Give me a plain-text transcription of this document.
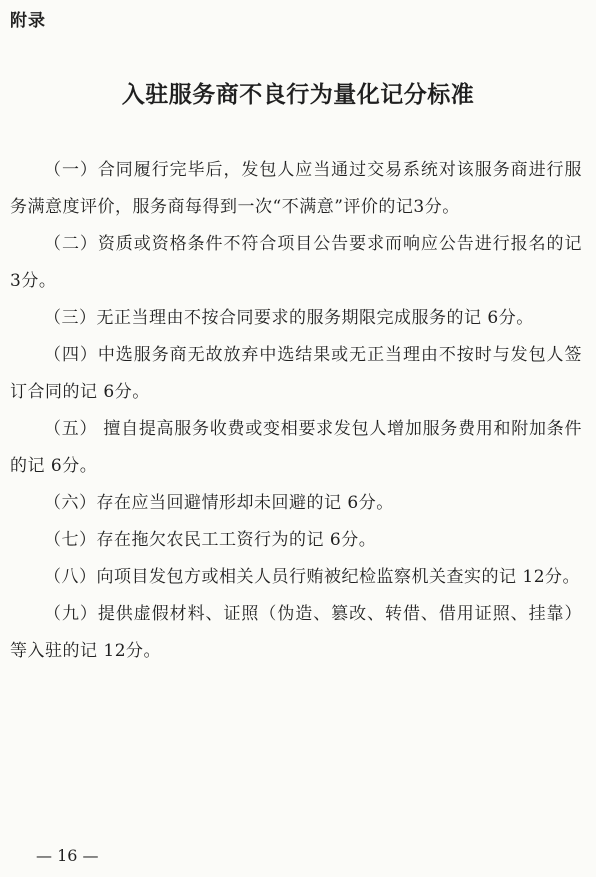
附录
入驻服务商不良行为量化记分标准

（一）合同履行完毕后，发包人应当通过交易系统对该服务商进行服务满意度评价，服务商每得到一次“不满意”评价的记3分。

（二）资质或资格条件不符合项目公告要求而响应公告进行报名的记 3分。

（三）无正当理由不按合同要求的服务期限完成服务的记 6分。

（四）中选服务商无故放弃中选结果或无正当理由不按时与发包人签订合同的记 6分。

（五） 擅自提高服务收费或变相要求发包人增加服务费用和附加条件的记 6分。

（六）存在应当回避情形却未回避的记 6分。

（七）存在拖欠农民工工资行为的记 6分。

（八）向项目发包方或相关人员行贿被纪检监察机关查实的记 12分。

（九）提供虚假材料、证照（伪造、篡改、转借、借用证照、挂靠）等入驻的记 12分。

— 16 —
